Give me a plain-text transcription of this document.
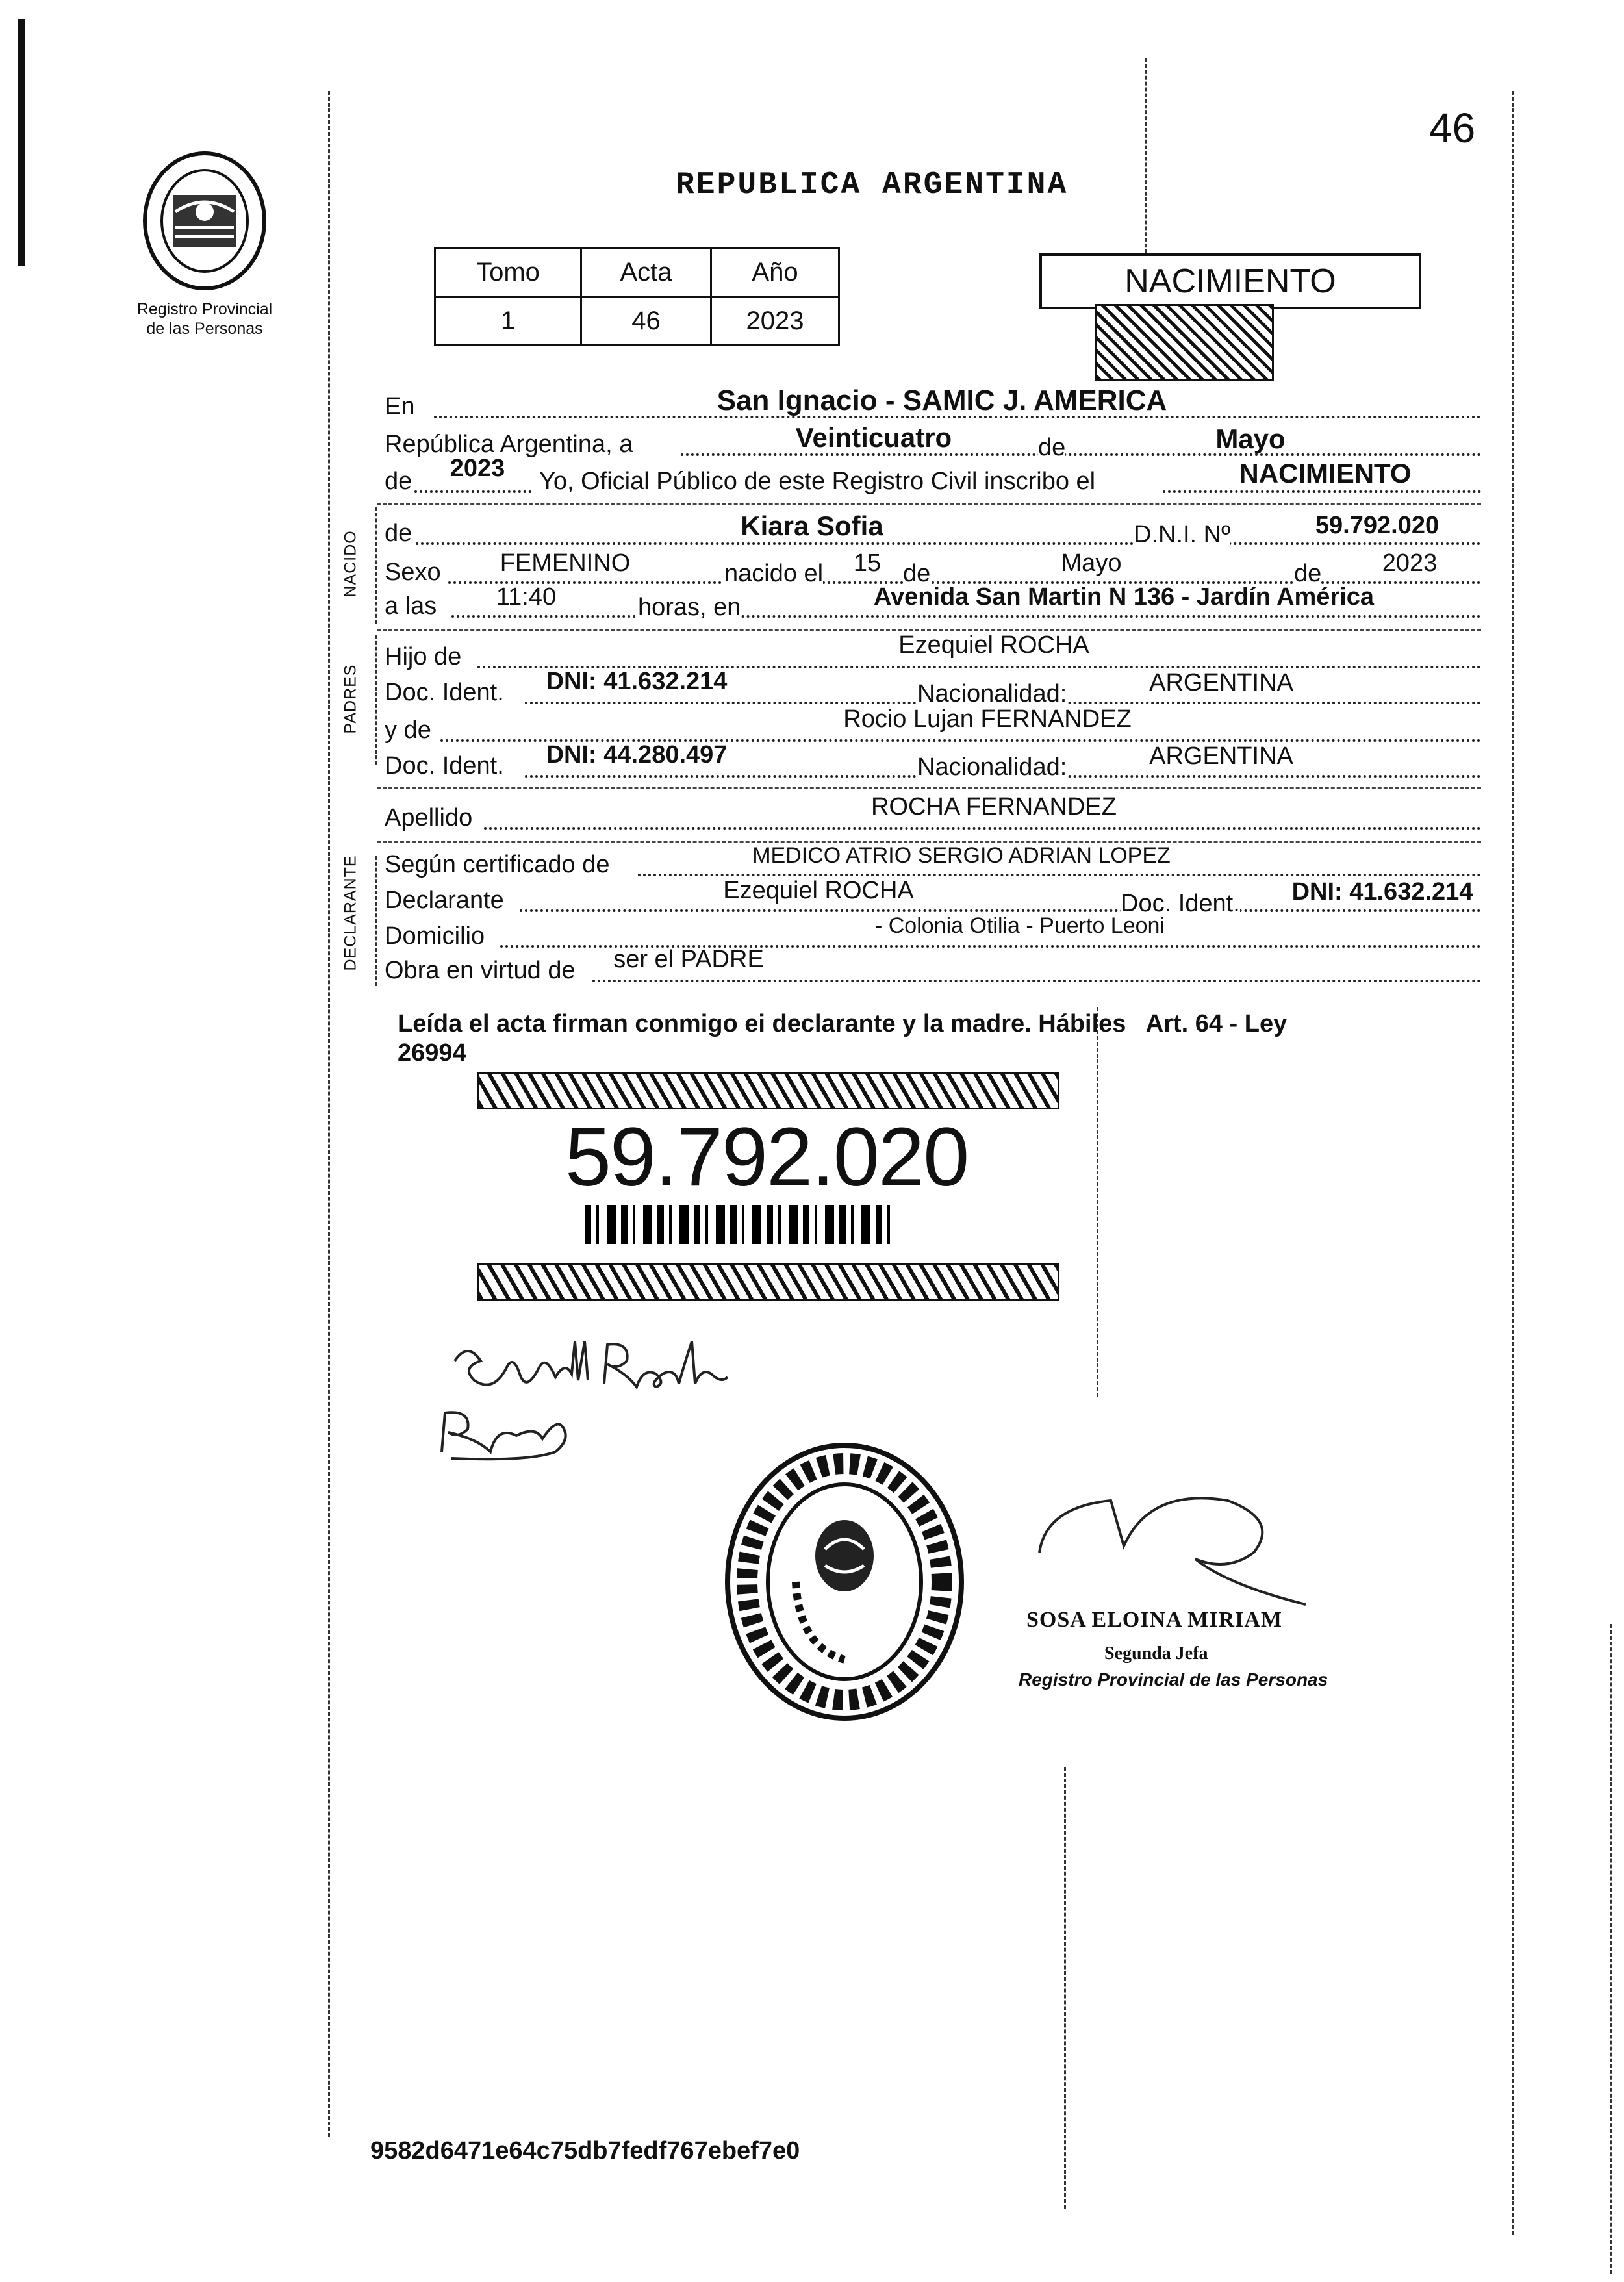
46
Registro Provincial
de las Personas
REPUBLICA ARGENTINA
Tomo	Acta	Año
1	46	2023
NACIMIENTO
NACIDO
PADRES
DECLARANTE
En	San Ignacio - SAMIC J. AMERICA
República Argentina, a	Veinticuatro	de	Mayo
de	2023	Yo, Oficial Público de este Registro Civil inscribo el	NACIMIENTO
de	Kiara Sofia	D.N.I. Nº	59.792.020
Sexo	FEMENINO	nacido el 15 de	Mayo	de	2023
a las	11:40	horas, en	Avenida San Martin N 136 - Jardín América
Hijo de	Ezequiel ROCHA
Doc. Ident.	DNI: 41.632.214	Nacionalidad:	ARGENTINA
y de	Rocio Lujan FERNANDEZ
Doc. Ident.	DNI: 44.280.497	Nacionalidad:	ARGENTINA
Apellido	ROCHA FERNANDEZ
Según certificado de	MEDICO ATRIO SERGIO ADRIAN LOPEZ
Declarante	Ezequiel ROCHA	Doc. Ident.	DNI: 41.632.214
Domicilio	- Colonia Otilia - Puerto Leoni
Obra en virtud de	ser el PADRE
Leída el acta firman conmigo ei declarante y la madre. Hábiles   Art. 64 - Ley
26994
59.792.020
SOSA ELOINA MIRIAM
Segunda Jefa
Registro Provincial de las Personas
9582d6471e64c75db7fedf767ebef7e0
